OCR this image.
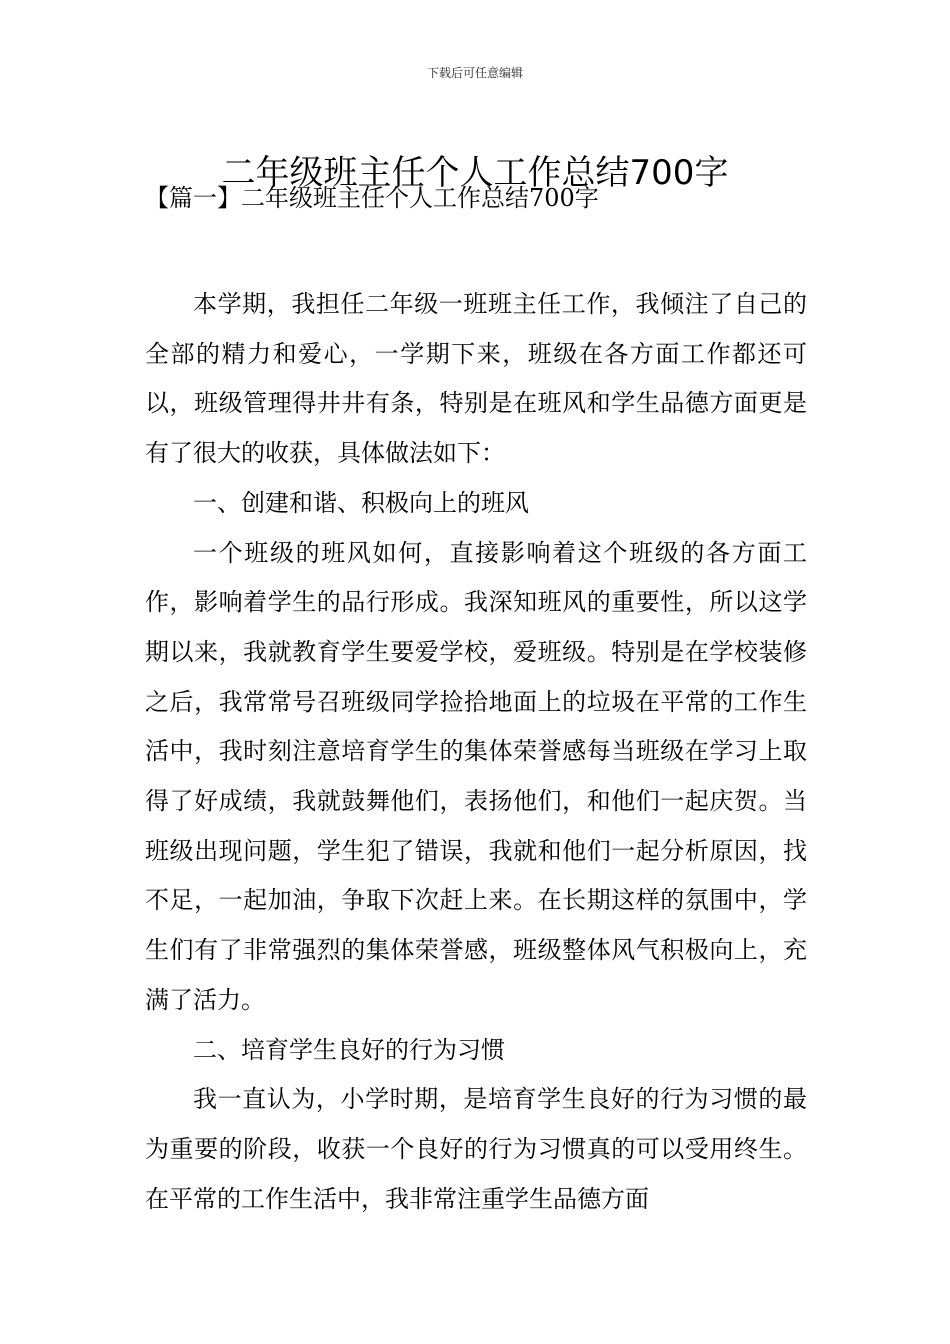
下载后可任意编辑
二年级班主任个人工作总结700字
【篇一】二年级班主任个人工作总结700字

本学期，我担任二年级一班班主任工作，我倾注了自己的全部的精力和爱心，一学期下来，班级在各方面工作都还可以，班级管理得井井有条，特别是在班风和学生品德方面更是有了很大的收获，具体做法如下：

一、创建和谐、积极向上的班风

一个班级的班风如何，直接影响着这个班级的各方面工作，影响着学生的品行形成。我深知班风的重要性，所以这学期以来，我就教育学生要爱学校，爱班级。特别是在学校装修之后，我常常号召班级同学捡拾地面上的垃圾在平常的工作生活中，我时刻注意培育学生的集体荣誉感每当班级在学习上取得了好成绩，我就鼓舞他们，表扬他们，和他们一起庆贺。当班级出现问题，学生犯了错误，我就和他们一起分析原因，找不足，一起加油，争取下次赶上来。在长期这样的氛围中，学生们有了非常强烈的集体荣誉感，班级整体风气积极向上，充满了活力。

二、培育学生良好的行为习惯

我一直认为，小学时期，是培育学生良好的行为习惯的最为重要的阶段，收获一个良好的行为习惯真的可以受用终生。在平常的工作生活中，我非常注重学生品德方面
